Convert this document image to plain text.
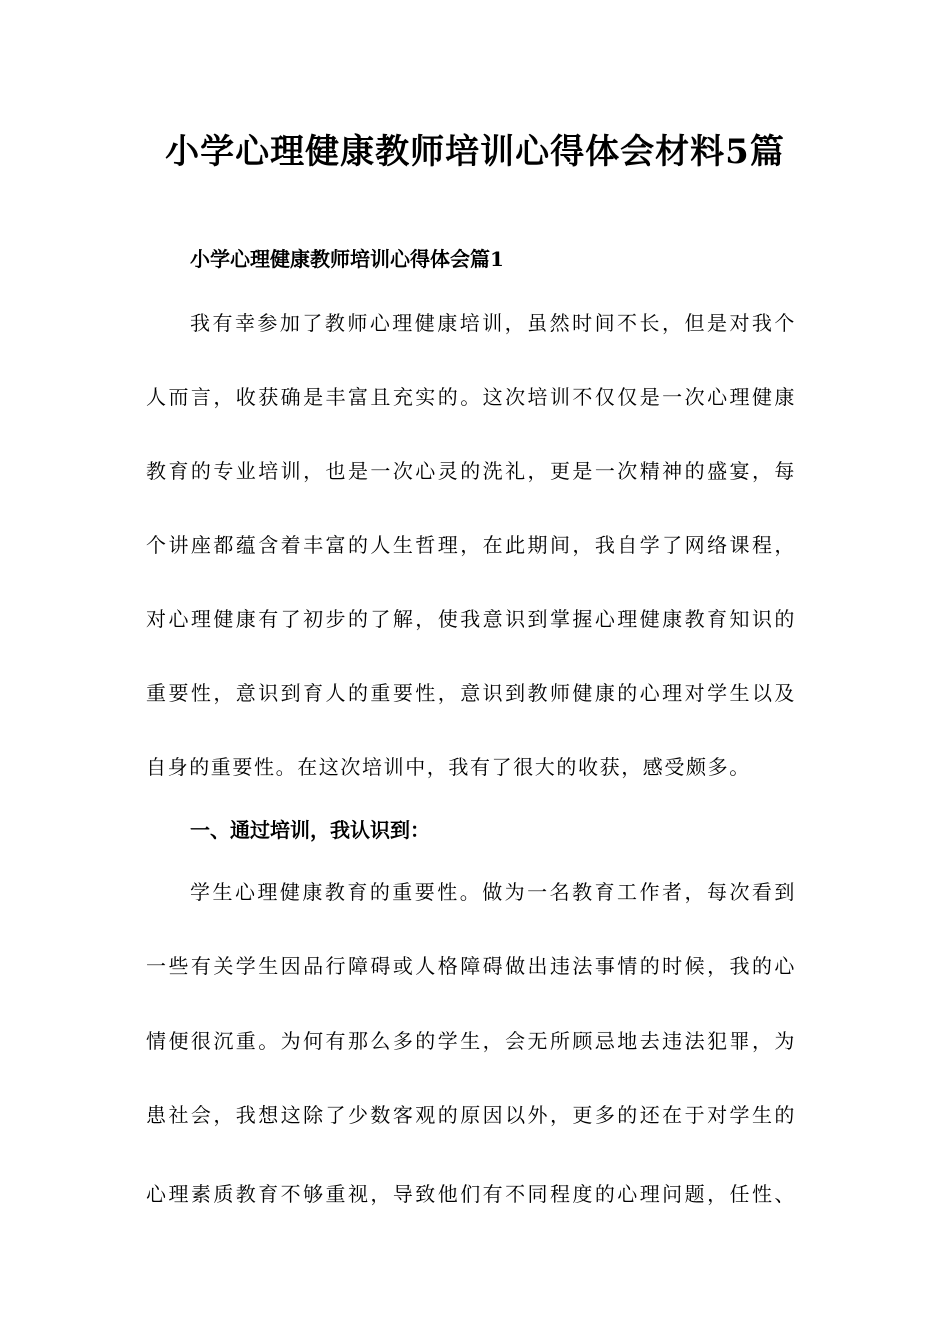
小学心理健康教师培训心得体会材料5篇
小学心理健康教师培训心得体会篇1
我有幸参加了教师心理健康培训，虽然时间不长，但是对我个
人而言，收获确是丰富且充实的。这次培训不仅仅是一次心理健康
教育的专业培训，也是一次心灵的洗礼，更是一次精神的盛宴，每
个讲座都蕴含着丰富的人生哲理，在此期间，我自学了网络课程，
对心理健康有了初步的了解，使我意识到掌握心理健康教育知识的
重要性，意识到育人的重要性，意识到教师健康的心理对学生以及
自身的重要性。在这次培训中，我有了很大的收获，感受颇多。
一、通过培训，我认识到：
学生心理健康教育的重要性。做为一名教育工作者，每次看到
一些有关学生因品行障碍或人格障碍做出违法事情的时候，我的心
情便很沉重。为何有那么多的学生，会无所顾忌地去违法犯罪，为
患社会，我想这除了少数客观的原因以外，更多的还在于对学生的
心理素质教育不够重视，导致他们有不同程度的心理问题，任性、
